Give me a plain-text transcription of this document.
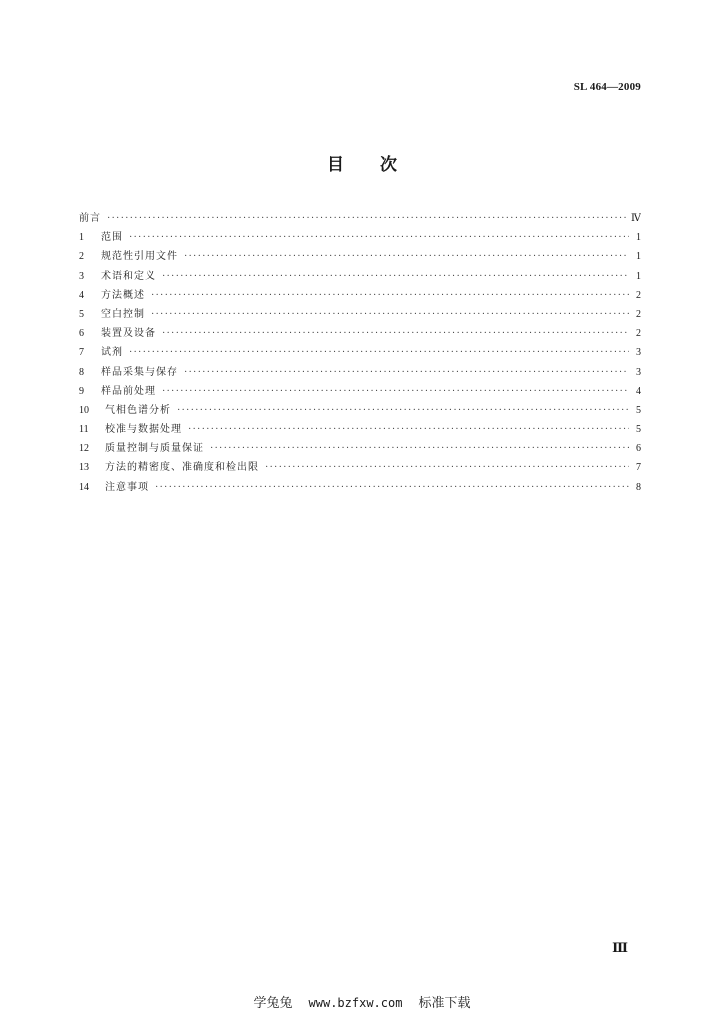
SL 464—2009
目 次
前言 ·····	Ⅳ
1	范围 ·····	1
2	规范性引用文件 ·····	1
3	术语和定义 ·····	1
4	方法概述 ·····	2
5	空白控制 ·····	2
6	装置及设备 ·····	2
7	试剂 ·····	3
8	样品采集与保存 ·····	3
9	样品前处理 ·····	4
10	气相色谱分析 ·····	5
11	校准与数据处理 ·····	5
12	质量控制与质量保证 ·····	6
13	方法的精密度、准确度和检出限 ·····	7
14	注意事项 ·····	8
Ⅲ
学兔兔 www.bzfxw.com 标准下载
